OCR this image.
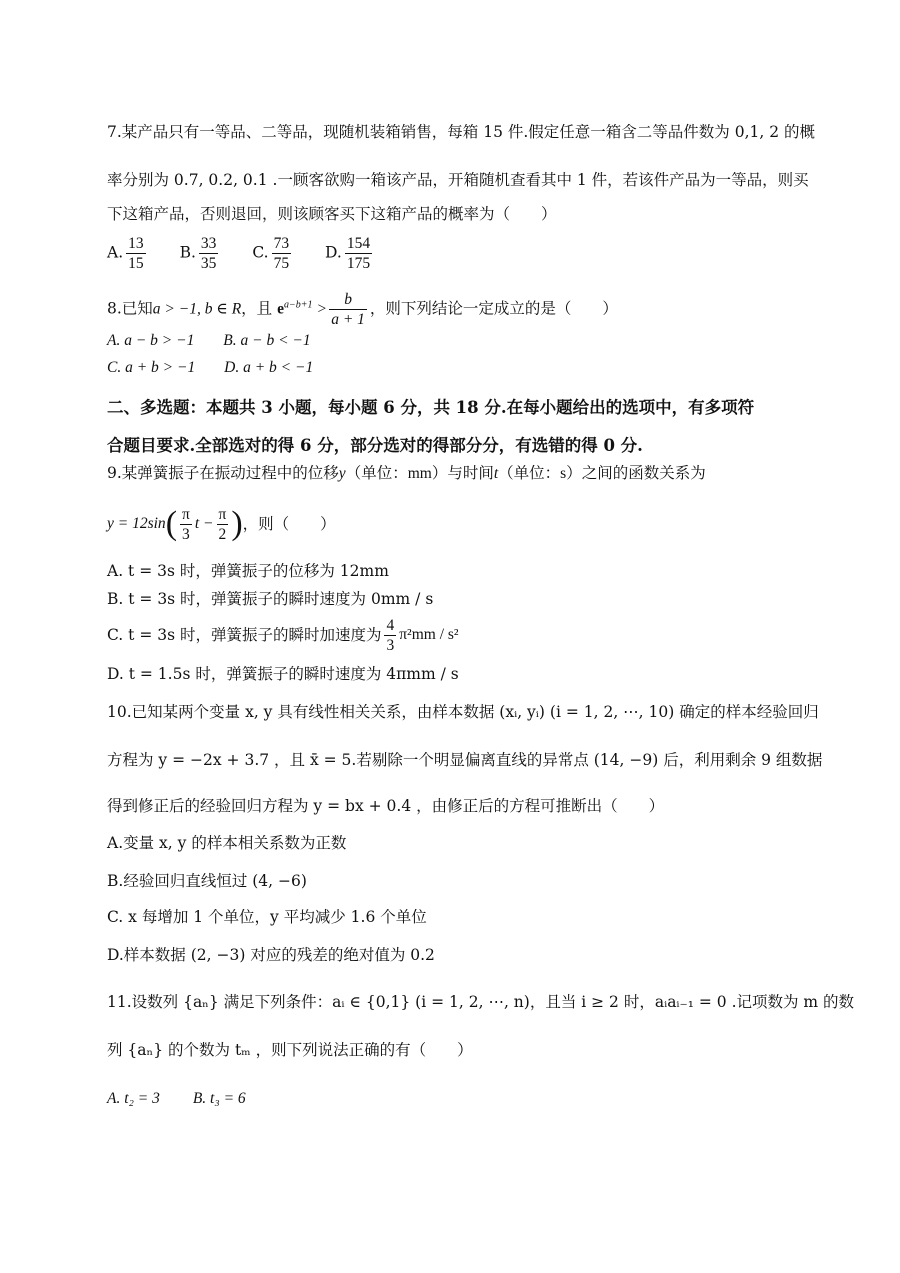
7.某产品只有一等品、二等品，现随机装箱销售，每箱 15 件.假定任意一箱含二等品件数为 0,1, 2 的概
率分别为 0.7, 0.2, 0.1 .一顾客欲购一箱该产品，开箱随机查看其中 1 件，若该件产品为一等品，则买
下这箱产品，否则退回，则该顾客买下这箱产品的概率为（　　）
A. $\frac{13}{15} B$. $\frac{33}{35} C$. $\frac{73}{75} D$. $\frac{154}{175}$
8.已知a > −1, b ∈ R，且 $e^{a-b+1} > \frac{b}{a + 1}$ ，则下列结论一定成立的是（　　）
A. a − b > −1 B. a − b < −1
C. a + b > −1 D. a + b < −1
二、多选题：本题共 3 小题，每小题 6 分，共 18 分.在每小题给出的选项中，有多项符
合题目要求.全部选对的得 6 分，部分选对的得部分分，有选错的得 0 分.
9.某弹簧振子在振动过程中的位移y（单位：mm）与时间t（单位：s）之间的函数关系为
y = 12sin ( $\frac{\pi}{3}$ $t - \frac{\pi}{2}$ ) ，则（　　）
A. t = 3s 时，弹簧振子的位移为 12mm
B. t = 3s 时，弹簧振子的瞬时速度为 0mm / s
C. t = 3s 时，弹簧振子的瞬时加速度为 $\frac{4}{3} \pi^2mm / s^2$
D. t = 1.5s 时，弹簧振子的瞬时速度为 4πmm / s
10.已知某两个变量 x, y 具有线性相关关系，由样本数据 (xᵢ, yᵢ) (i = 1, 2, ⋯, 10) 确定的样本经验回归
方程为 y = −2x + 3.7 ，且 x̄ = 5.若剔除一个明显偏离直线的异常点 (14, −9) 后，利用剩余 9 组数据
得到修正后的经验回归方程为 y = bx + 0.4 ，由修正后的方程可推断出（　　）
A.变量 x, y 的样本相关系数为正数
B.经验回归直线恒过 (4, −6)
C. x 每增加 1 个单位，y 平均减少 1.6 个单位
D.样本数据 (2, −3) 对应的残差的绝对值为 0.2
11.设数列 {aₙ} 满足下列条件：aᵢ ∈ {0,1} (i = 1, 2, ⋯, n)，且当 i ≥ 2 时，aᵢaᵢ₋₁ = 0 .记项数为 m 的数
列 {aₙ} 的个数为 tₘ ，则下列说法正确的有（　　）
A. t₂ = 3 B. t₃ = 6
